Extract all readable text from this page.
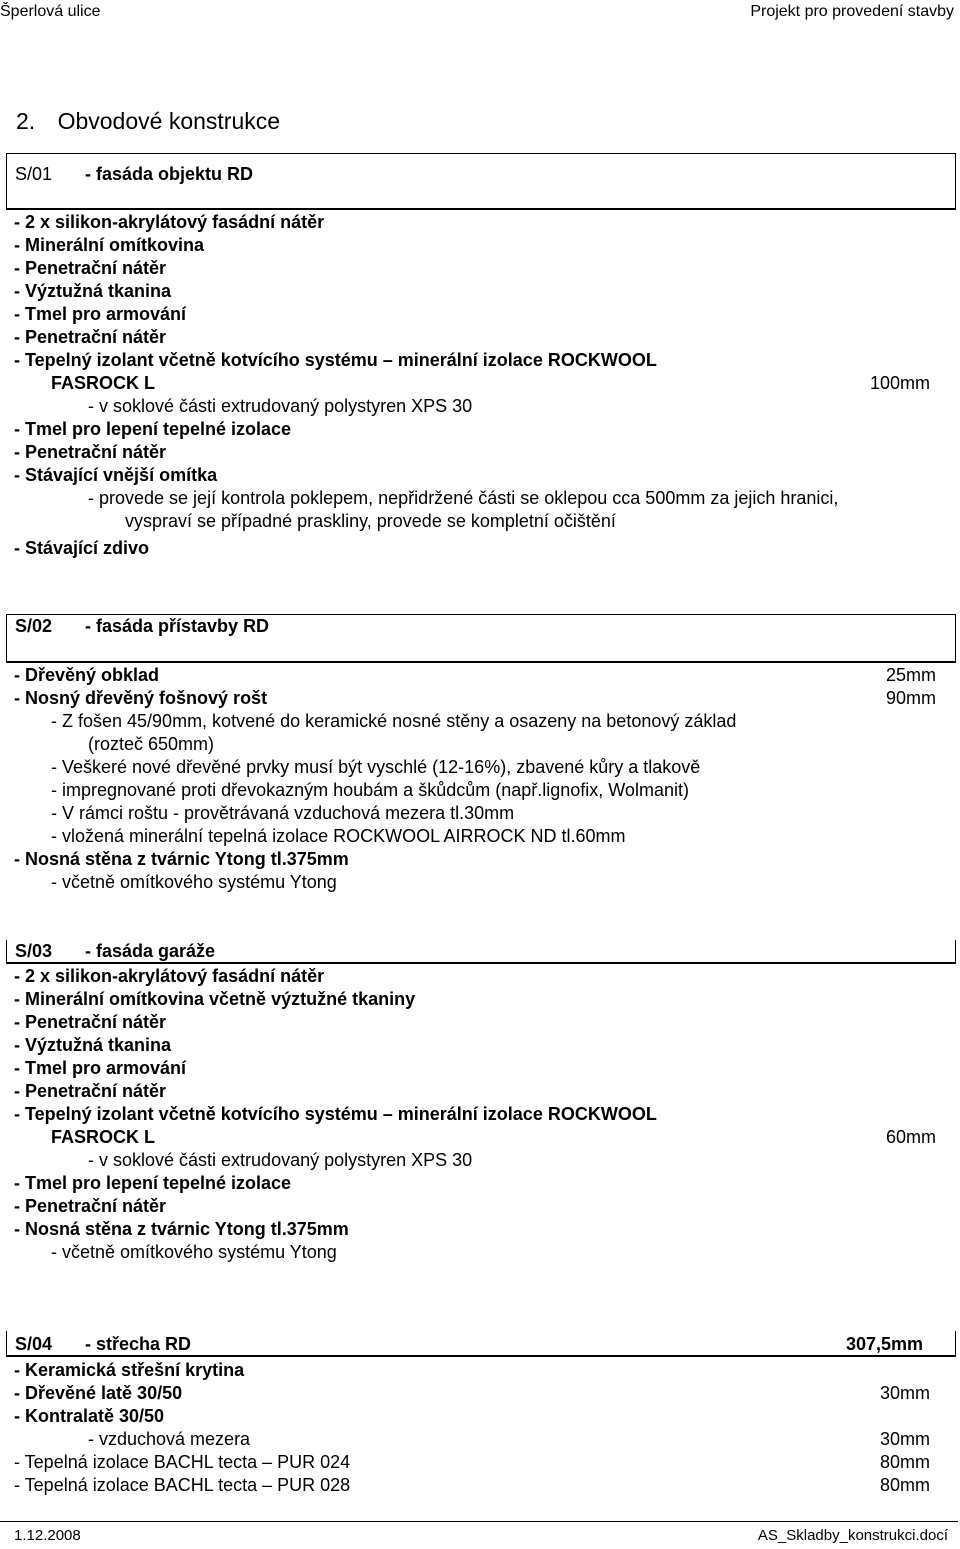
Šperlová ulice	Projekt pro provedení stavby
2. Obvodové konstrukce
S/01 - fasáda objektu RD
- 2 x silikon-akrylátový fasádní nátěr
- Minerální omítkovina
- Penetrační nátěr
- Výztužná tkanina
- Tmel pro armování
- Penetrační nátěr
- Tepelný izolant včetně kotvícího systému – minerální izolace ROCKWOOL
FASROCK L	100mm
- v soklové části extrudovaný polystyren XPS 30
- Tmel pro lepení tepelné izolace
- Penetrační nátěr
- Stávající vnější omítka
- provede se její kontrola poklepem, nepřidržené části se oklepou cca 500mm za jejich hranici,
vyspraví se případné praskliny, provede se kompletní očištění
- Stávající zdivo
S/02 - fasáda přístavby RD
- Dřevěný obklad	25mm
- Nosný dřevěný fošnový rošt	90mm
- Z fošen 45/90mm, kotvené do keramické nosné stěny a osazeny na betonový základ
(rozteč 650mm)
- Veškeré nové dřevěné prvky musí být vyschlé (12-16%), zbavené kůry a tlakově
- impregnované proti dřevokazným houbám a škůdcům (např.lignofix, Wolmanit)
- V rámci roštu - provětrávaná vzduchová mezera tl.30mm
- vložená minerální tepelná izolace ROCKWOOL AIRROCK ND tl.60mm
- Nosná stěna z tvárnic Ytong tl.375mm
- včetně omítkového systému Ytong
S/03 - fasáda garáže
- 2 x silikon-akrylátový fasádní nátěr
- Minerální omítkovina včetně výztužné tkaniny
- Penetrační nátěr
- Výztužná tkanina
- Tmel pro armování
- Penetrační nátěr
- Tepelný izolant včetně kotvícího systému – minerální izolace ROCKWOOL
FASROCK L	60mm
- v soklové části extrudovaný polystyren XPS 30
- Tmel pro lepení tepelné izolace
- Penetrační nátěr
- Nosná stěna z tvárnic Ytong tl.375mm
- včetně omítkového systému Ytong
S/04 - střecha RD	307,5mm
- Keramická střešní krytina
- Dřevěné latě 30/50	30mm
- Kontralatě 30/50
- vzduchová mezera	30mm
- Tepelná izolace BACHL tecta – PUR 024	80mm
- Tepelná izolace BACHL tecta – PUR 028	80mm
1.12.2008	AS_Skladby_konstrukci.docí
